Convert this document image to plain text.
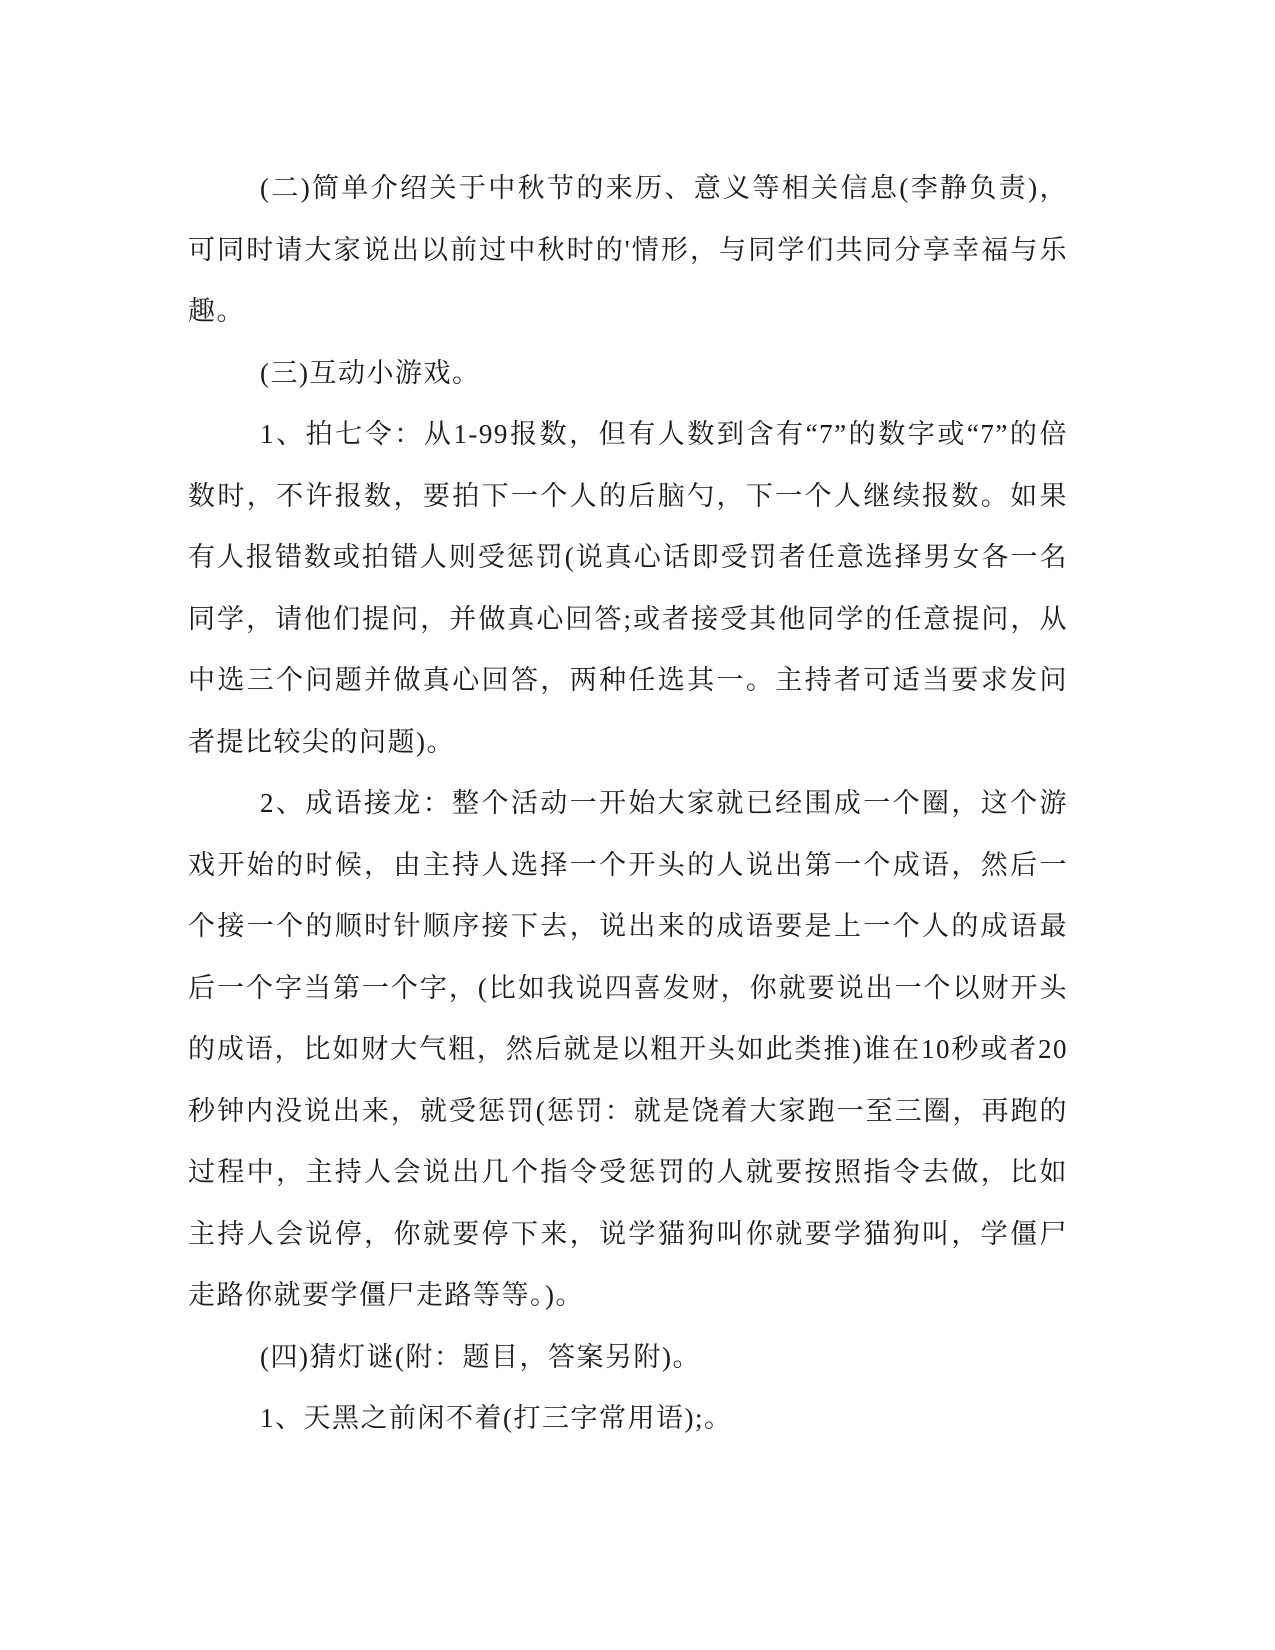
(二)简单介绍关于中秋节的来历、意义等相关信息(李静负责)，可同时请大家说出以前过中秋时的'情形，与同学们共同分享幸福与乐趣。

(三)互动小游戏。

1、拍七令：从1-99报数，但有人数到含有“7”的数字或“7”的倍数时，不许报数，要拍下一个人的后脑勺，下一个人继续报数。如果有人报错数或拍错人则受惩罚(说真心话即受罚者任意选择男女各一名同学，请他们提问，并做真心回答;或者接受其他同学的任意提问，从中选三个问题并做真心回答，两种任选其一。主持者可适当要求发问者提比较尖的问题)。

2、成语接龙：整个活动一开始大家就已经围成一个圈，这个游戏开始的时候，由主持人选择一个开头的人说出第一个成语，然后一个接一个的顺时针顺序接下去，说出来的成语要是上一个人的成语最后一个字当第一个字，(比如我说四喜发财，你就要说出一个以财开头的成语，比如财大气粗，然后就是以粗开头如此类推)谁在10秒或者20秒钟内没说出来，就受惩罚(惩罚：就是饶着大家跑一至三圈，再跑的过程中，主持人会说出几个指令受惩罚的人就要按照指令去做，比如主持人会说停，你就要停下来，说学猫狗叫你就要学猫狗叫，学僵尸走路你就要学僵尸走路等等。)。

(四)猜灯谜(附：题目，答案另附)。

1、天黑之前闲不着(打三字常用语);。
